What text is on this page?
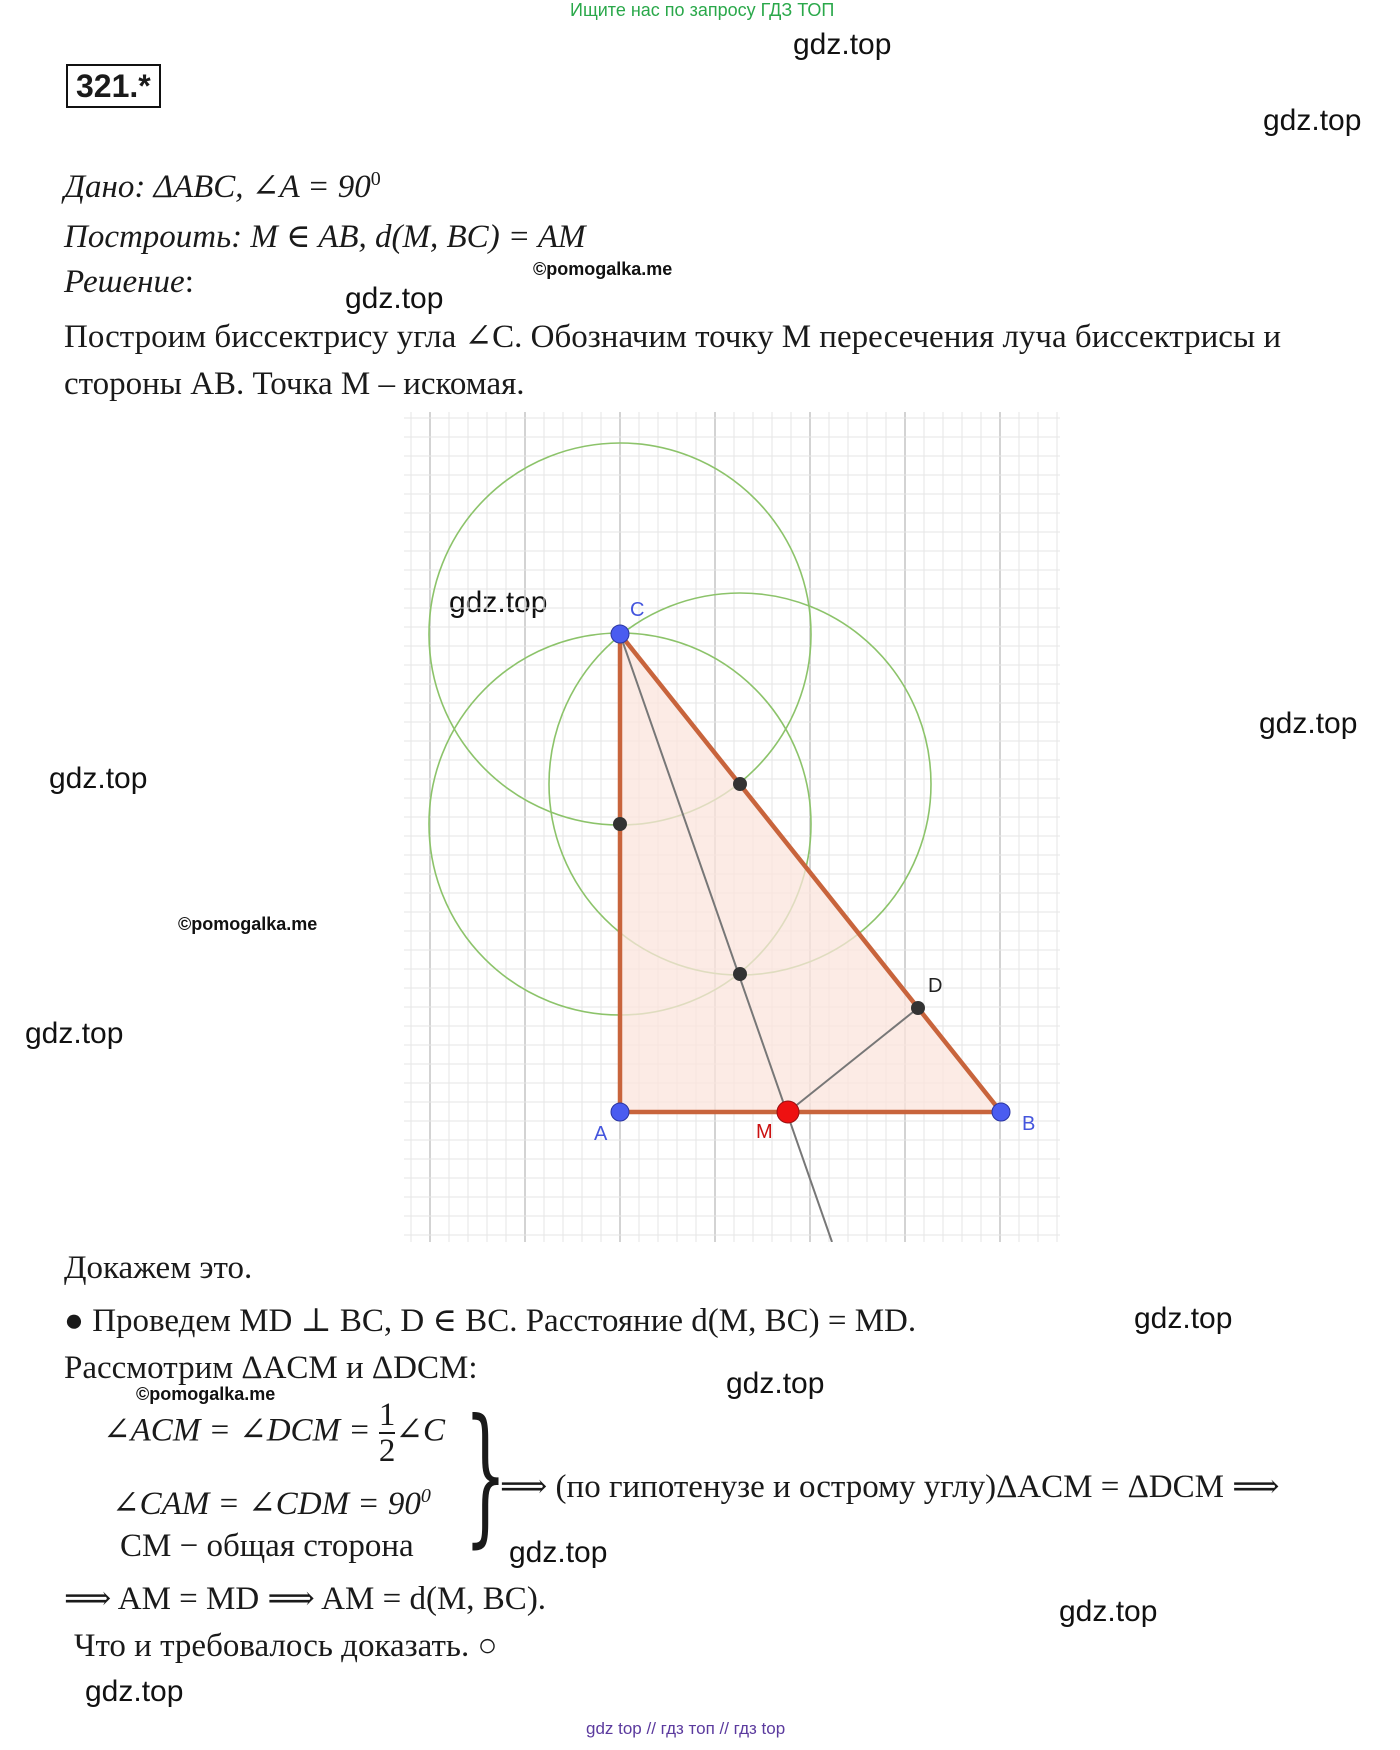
Ищите нас по запросу ГДЗ ТОП
gdz.top
gdz.top
gdz.top
gdz.top
gdz.top
gdz.top
gdz.top
gdz.top
gdz.top
gdz.top
gdz.top
gdz.top
©pomogalka.me
©pomogalka.me
©pomogalka.me
321.*
Дано: ΔABC, ∠A = $90^0$
Построить: M ∈ AB, d(M, BC) = AM
Решение:
Построим биссектрису угла ∠C. Обозначим точку M пересечения луча биссектрисы и
стороны AB. Точка M – искомая.
C
A	B
D
M
Докажем это.
● Проведем MD ⊥ BC, D ∈ BC. Расстояние d(M, BC) = MD.
Рассмотрим ΔACM и ΔDCM:
∠ACM = ∠DCM = $\frac{1}{2}$ ∠C
∠CAM = ∠CDM = $90^0$
CM − общая сторона }
⟹ (по гипотенузе и острому углу)ΔACM = ΔDCM ⟹
⟹ AM = MD ⟹ AM = d(M, BC).
Что и требовалось доказать. ○
gdz top // гдз топ // гдз top
